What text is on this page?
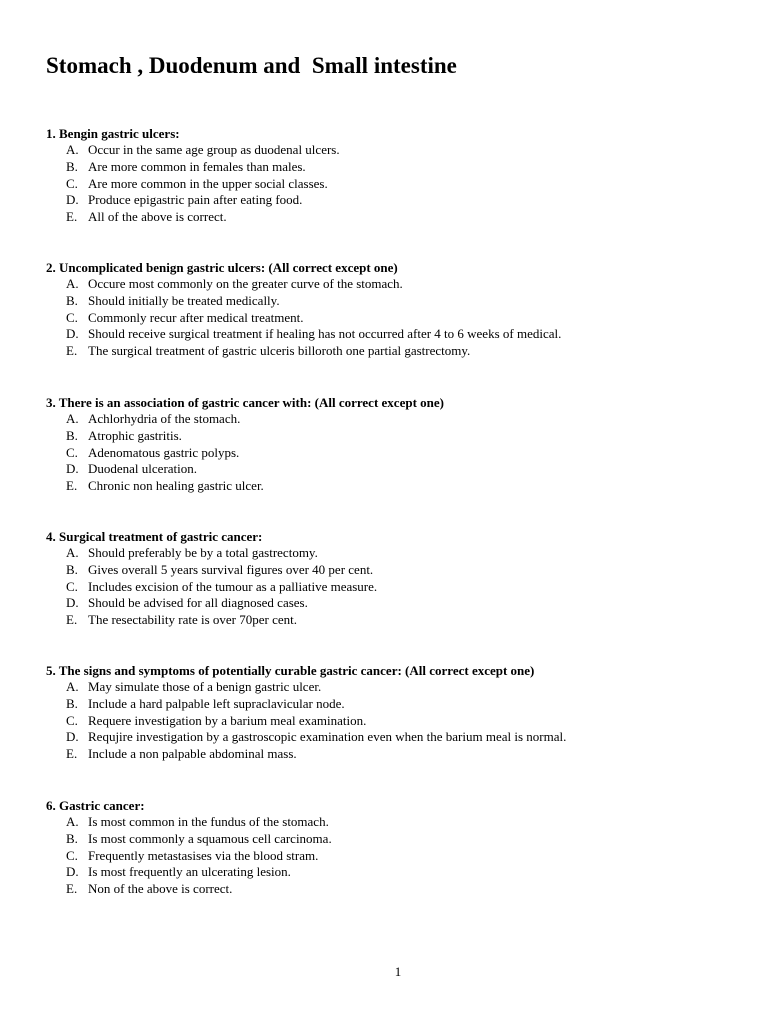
Stomach , Duodenum and  Small intestine
1. Bengin gastric ulcers:
A. Occur in the same age group as duodenal ulcers.
B. Are more common in females than males.
C. Are more common in the upper social classes.
D. Produce epigastric pain after eating food.
E. All of the above is correct.
2. Uncomplicated benign gastric ulcers: (All correct except one)
A. Occure most commonly on the greater curve of the stomach.
B. Should initially be treated medically.
C. Commonly recur after medical treatment.
D. Should receive surgical treatment if healing has not occurred after 4 to 6 weeks of medical.
E. The surgical treatment of gastric ulceris billoroth one partial gastrectomy.
3. There is an association of gastric cancer with: (All correct except one)
A. Achlorhydria of the stomach.
B. Atrophic gastritis.
C. Adenomatous gastric polyps.
D. Duodenal ulceration.
E. Chronic non healing gastric ulcer.
4. Surgical treatment of gastric cancer:
A. Should preferably be by a total gastrectomy.
B. Gives overall 5 years survival figures over 40 per cent.
C. Includes excision of the tumour as a palliative measure.
D. Should be advised for all diagnosed cases.
E. The resectability rate is over 70per cent.
5. The signs and symptoms of potentially curable gastric cancer: (All correct except one)
A. May simulate those of a benign gastric ulcer.
B. Include a hard palpable left supraclavicular node.
C. Requere investigation by a barium meal examination.
D. Requjire investigation by a gastroscopic examination even when the barium meal is normal.
E. Include a non palpable abdominal mass.
6. Gastric cancer:
A. Is most common in the fundus of the stomach.
B. Is most commonly a squamous cell carcinoma.
C. Frequently metastasises via the blood stram.
D. Is most frequently an ulcerating lesion.
E. Non of the above is correct.
1
